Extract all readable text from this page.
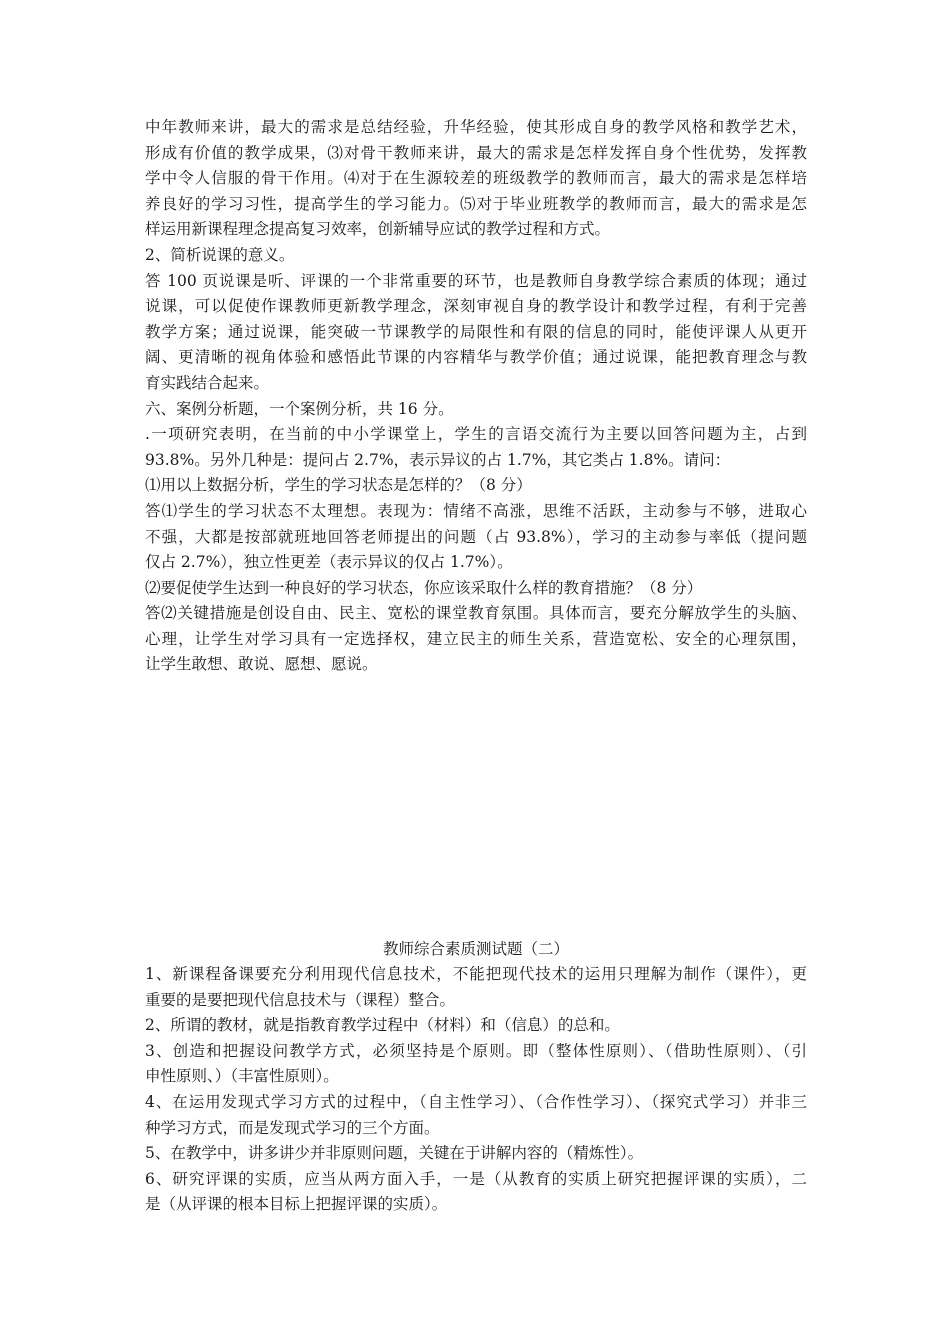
中年教师来讲，最大的需求是总结经验，升华经验，使其形成自身的教学风格和教学艺术，
形成有价值的教学成果，⑶对骨干教师来讲，最大的需求是怎样发挥自身个性优势，发挥教
学中令人信服的骨干作用。⑷对于在生源较差的班级教学的教师而言，最大的需求是怎样培
养良好的学习习性，提高学生的学习能力。⑸对于毕业班教学的教师而言，最大的需求是怎
样运用新课程理念提高复习效率，创新辅导应试的教学过程和方式。
2、简析说课的意义。
答 100 页说课是听、评课的一个非常重要的环节，也是教师自身教学综合素质的体现；通过
说课，可以促使作课教师更新教学理念，深刻审视自身的教学设计和教学过程，有利于完善
教学方案；通过说课，能突破一节课教学的局限性和有限的信息的同时，能使评课人从更开
阔、更清晰的视角体验和感悟此节课的内容精华与教学价值；通过说课，能把教育理念与教
育实践结合起来。
六、案例分析题，一个案例分析，共 16 分。
.一项研究表明，在当前的中小学课堂上，学生的言语交流行为主要以回答问题为主，占到
93.8%。另外几种是：提问占 2.7%，表示异议的占 1.7%，其它类占 1.8%。请问：
⑴用以上数据分析，学生的学习状态是怎样的？（8 分）
答⑴学生的学习状态不太理想。表现为：情绪不高涨，思维不活跃，主动参与不够，进取心
不强，大都是按部就班地回答老师提出的问题（占 93.8%），学习的主动参与率低（提问题
仅占 2.7%），独立性更差（表示异议的仅占 1.7%）。
⑵要促使学生达到一种良好的学习状态，你应该采取什么样的教育措施？（8 分）
答⑵关键措施是创设自由、民主、宽松的课堂教育氛围。具体而言，要充分解放学生的头脑、
心理，让学生对学习具有一定选择权，建立民主的师生关系，营造宽松、安全的心理氛围，
让学生敢想、敢说、愿想、愿说。
教师综合素质测试题（二）
1、新课程备课要充分利用现代信息技术，不能把现代技术的运用只理解为制作（课件），更
重要的是要把现代信息技术与（课程）整合。
2、所谓的教材，就是指教育教学过程中（材料）和（信息）的总和。
3、创造和把握设问教学方式，必须坚持是个原则。即（整体性原则）、（借助性原则）、（引
申性原则、）（丰富性原则）。
4、在运用发现式学习方式的过程中，（自主性学习）、（合作性学习）、（探究式学习）并非三
种学习方式，而是发现式学习的三个方面。
5、在教学中，讲多讲少并非原则问题，关键在于讲解内容的（精炼性）。
6、研究评课的实质，应当从两方面入手，一是（从教育的实质上研究把握评课的实质），二
是（从评课的根本目标上把握评课的实质）。
